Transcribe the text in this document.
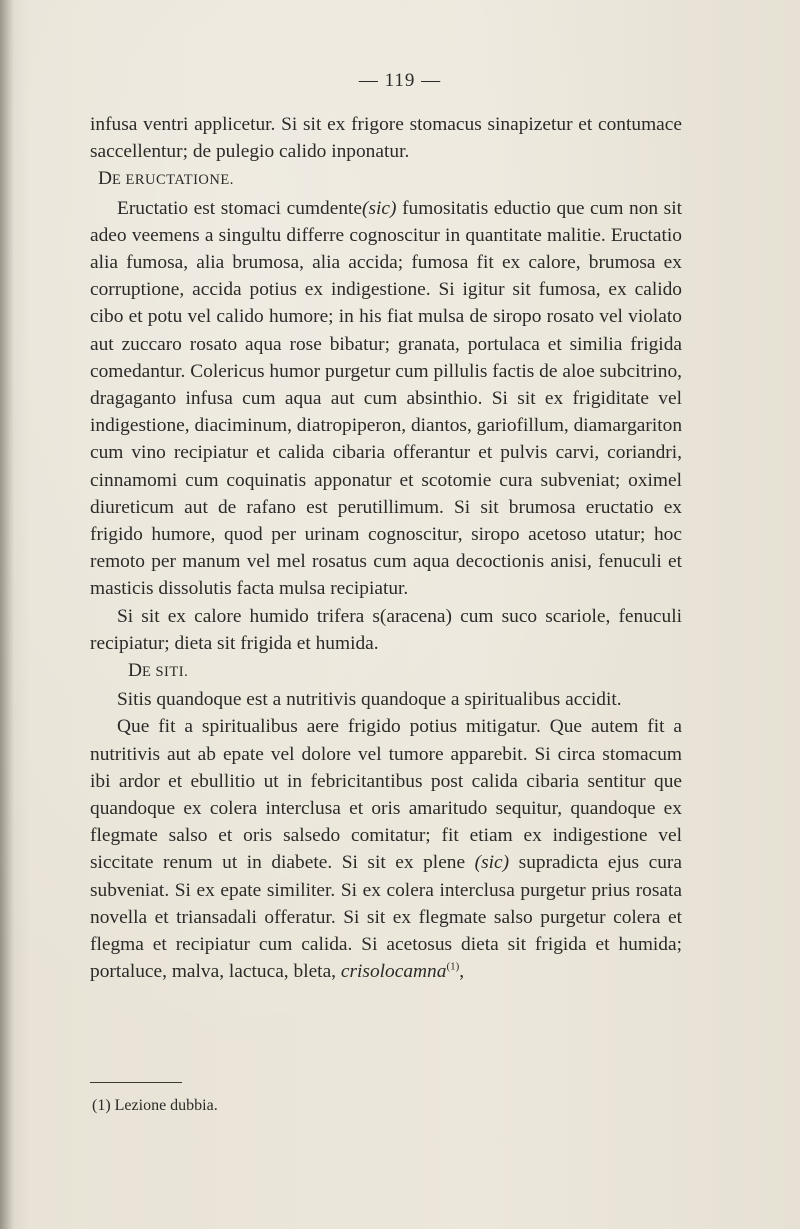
— 119 —

infusa ventri applicetur. Si sit ex frigore stomacus sinapizetur et contumace saccellentur; de pulegio calido inponatur.

DE ERUCTATIONE.

Eructatio est stomaci cumdente(sic) fumositatis eductio que cum non sit adeo veemens a singultu differre cognoscitur in quantitate malitie. Eructatio alia fumosa, alia brumosa, alia accida; fumosa fit ex calore, brumosa ex corruptione, accida potius ex indigestione. Si igitur sit fumosa, ex calido cibo et potu vel calido humore; in his fiat mulsa de siropo rosato vel violato aut zuccaro rosato aqua rose bibatur; granata, portulaca et similia frigida comedantur. Colericus humor purgetur cum pillulis factis de aloe subcitrino, dragaganto infusa cum aqua aut cum absinthio. Si sit ex frigiditate vel indigestione, diaciminum, diatropiperon, diantos, gariofillum, diamargariton cum vino recipiatur et calida cibaria offerantur et pulvis carvi, coriandri, cinnamomi cum coquinatis apponatur et scotomie cura subveniat; oximel diureticum aut de rafano est perutillimum. Si sit brumosa eructatio ex frigido humore, quod per urinam cognoscitur, siropo acetoso utatur; hoc remoto per manum vel mel rosatus cum aqua decoctionis anisi, fenuculi et masticis dissolutis facta mulsa recipiatur.

Si sit ex calore humido trifera s(aracena) cum suco scariole, fenuculi recipiatur; dieta sit frigida et humida.

DE SITI.

Sitis quandoque est a nutritivis quandoque a spiritualibus accidit.

Que fit a spiritualibus aere frigido potius mitigatur. Que autem fit a nutritivis aut ab epate vel dolore vel tumore apparebit. Si circa stomacum ibi ardor et ebullitio ut in febricitantibus post calida cibaria sentitur que quandoque ex colera interclusa et oris amaritudo sequitur, quandoque ex flegmate salso et oris salsedo comitatur; fit etiam ex indigestione vel siccitate renum ut in diabete. Si sit ex plene (sic) supradicta ejus cura subveniat. Si ex epate similiter. Si ex colera interclusa purgetur prius rosata novella et triansadali offeratur. Si sit ex flegmate salso purgetur colera et flegma et recipiatur cum calida. Si acetosus dieta sit frigida et humida; portaluce, malva, lactuca, bleta, crisolocamna$^{(1)}$,

(1) Lezione dubbia.
